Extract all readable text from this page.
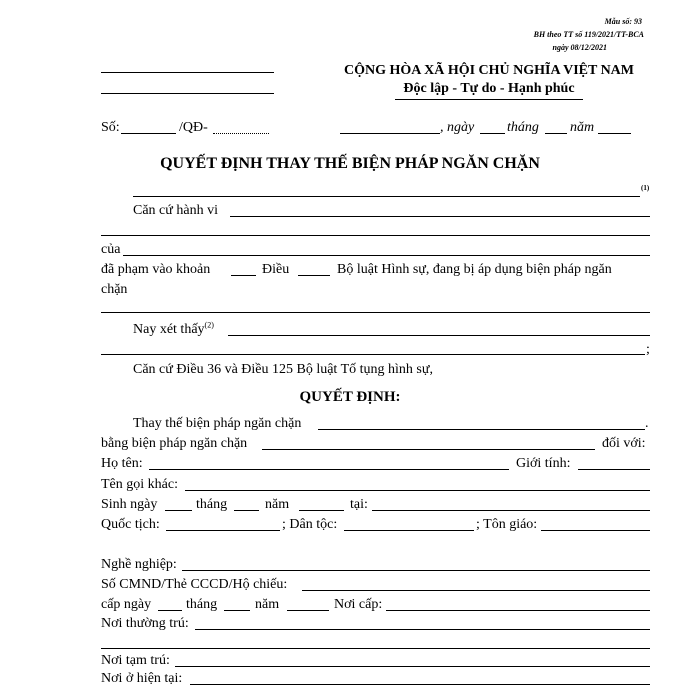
Mẫu số: 93
BH theo TT số 119/2021/TT-BCA
ngày 08/12/2021
CỘNG HÒA XÃ HỘI CHỦ NGHĨA VIỆT NAM
Độc lập - Tự do - Hạnh phúc
Số:	/QĐ-	, ngày tháng năm
QUYẾT ĐỊNH THAY THẾ BIỆN PHÁP NGĂN CHẶN
(1)
Căn cứ hành vi
của
đã phạm vào khoản	Điều	Bộ luật Hình sự, đang bị áp dụng biện pháp ngăn
chặn
Nay xét thấy$^{(2)}$
;
Căn cứ Điều 36 và Điều 125 Bộ luật Tố tụng hình sự,
QUYẾT ĐỊNH:
Thay thế biện pháp ngăn chặn	.
bằng biện pháp ngăn chặn	đối với:
Họ tên:	Giới tính:
Tên gọi khác:
Sinh ngày	tháng	năm	tại:
Quốc tịch:	; Dân tộc:	; Tôn giáo:
Nghề nghiệp:
Số CMND/Thẻ CCCD/Hộ chiếu:
cấp ngày tháng	năm	Nơi cấp:
Nơi thường trú:
Nơi tạm trú:
Nơi ở hiện tại:
